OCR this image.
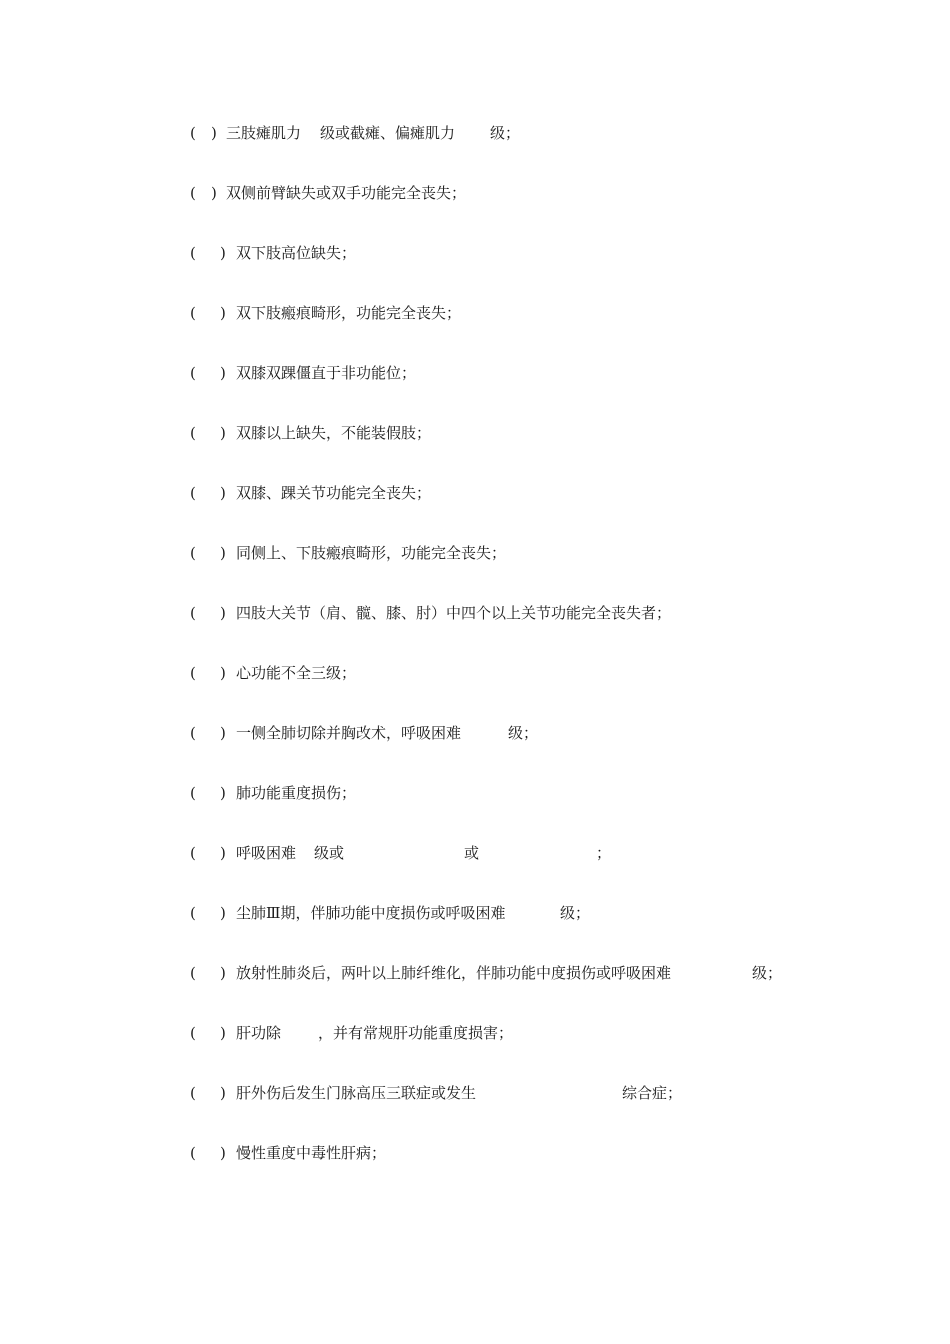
( ) 三肢瘫肌力 级或截瘫、偏瘫肌力 级；
( ) 双侧前臂缺失或双手功能完全丧失；
( ) 双下肢高位缺失；
( ) 双下肢瘢痕畸形，功能完全丧失；
( ) 双膝双踝僵直于非功能位；
( ) 双膝以上缺失，不能装假肢；
( ) 双膝、踝关节功能完全丧失；
( ) 同侧上、下肢瘢痕畸形，功能完全丧失；
( ) 四肢大关节（肩、髋、膝、肘）中四个以上关节功能完全丧失者；
( ) 心功能不全三级；
( ) 一侧全肺切除并胸改术，呼吸困难	级；
( ) 肺功能重度损伤；
( ) 呼吸困难 级或	或	；
( ) 尘肺Ⅲ期，伴肺功能中度损伤或呼吸困难	级；
( ) 放射性肺炎后，两叶以上肺纤维化，伴肺功能中度损伤或呼吸困难	级；
( ) 肝功除 ，并有常规肝功能重度损害；
( ) 肝外伤后发生门脉高压三联症或发生	综合症；
( ) 慢性重度中毒性肝病；
